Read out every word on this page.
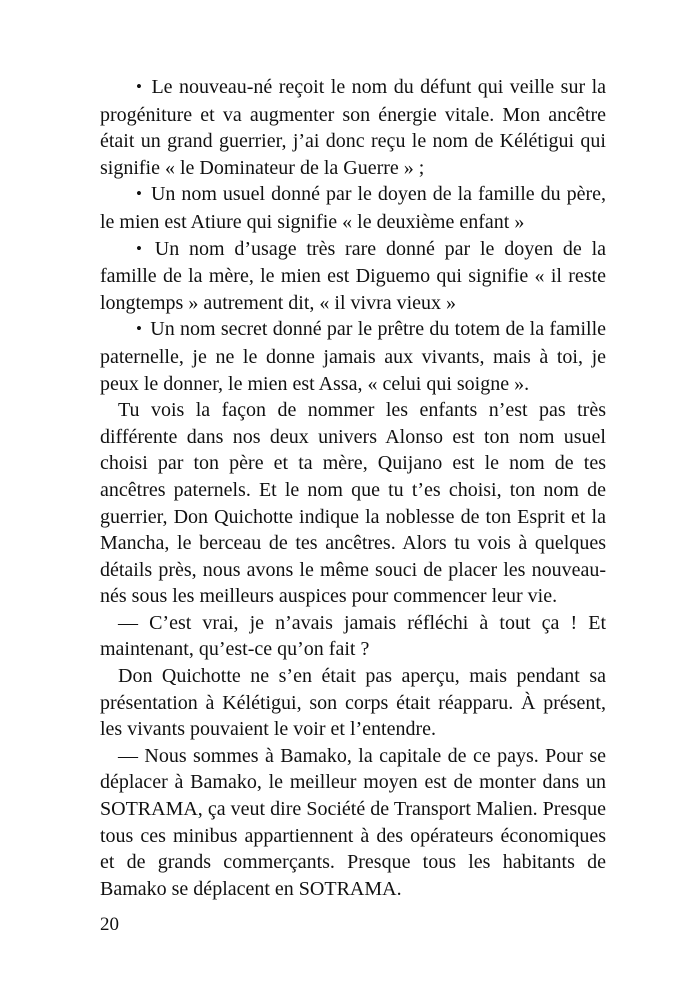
• Le nouveau-né reçoit le nom du défunt qui veille sur la progéniture et va augmenter son énergie vitale. Mon ancêtre était un grand guerrier, j’ai donc reçu le nom de Kélétigui qui signifie « le Dominateur de la Guerre » ;

• Un nom usuel donné par le doyen de la famille du père, le mien est Atiure qui signifie « le deuxième enfant »

• Un nom d’usage très rare donné par le doyen de la famille de la mère, le mien est Diguemo qui signifie « il reste longtemps » autrement dit, « il vivra vieux »

• Un nom secret donné par le prêtre du totem de la famille paternelle, je ne le donne jamais aux vivants, mais à toi, je peux le donner, le mien est Assa, « celui qui soigne ».

Tu vois la façon de nommer les enfants n’est pas très différente dans nos deux univers Alonso est ton nom usuel choisi par ton père et ta mère, Quijano est le nom de tes ancêtres paternels. Et le nom que tu t’es choisi, ton nom de guerrier, Don Quichotte indique la noblesse de ton Esprit et la Mancha, le berceau de tes ancêtres. Alors tu vois à quelques détails près, nous avons le même souci de placer les nouveau-nés sous les meilleurs auspices pour commencer leur vie.

— C’est vrai, je n’avais jamais réfléchi à tout ça ! Et maintenant, qu’est-ce qu’on fait ?

Don Quichotte ne s’en était pas aperçu, mais pendant sa présentation à Kélétigui, son corps était réapparu. À présent, les vivants pouvaient le voir et l’entendre.

— Nous sommes à Bamako, la capitale de ce pays. Pour se déplacer à Bamako, le meilleur moyen est de monter dans un SOTRAMA, ça veut dire Société de Transport Malien. Presque tous ces minibus appartiennent à des opérateurs économiques et de grands commerçants. Presque tous les habitants de Bamako se déplacent en SOTRAMA.

20
